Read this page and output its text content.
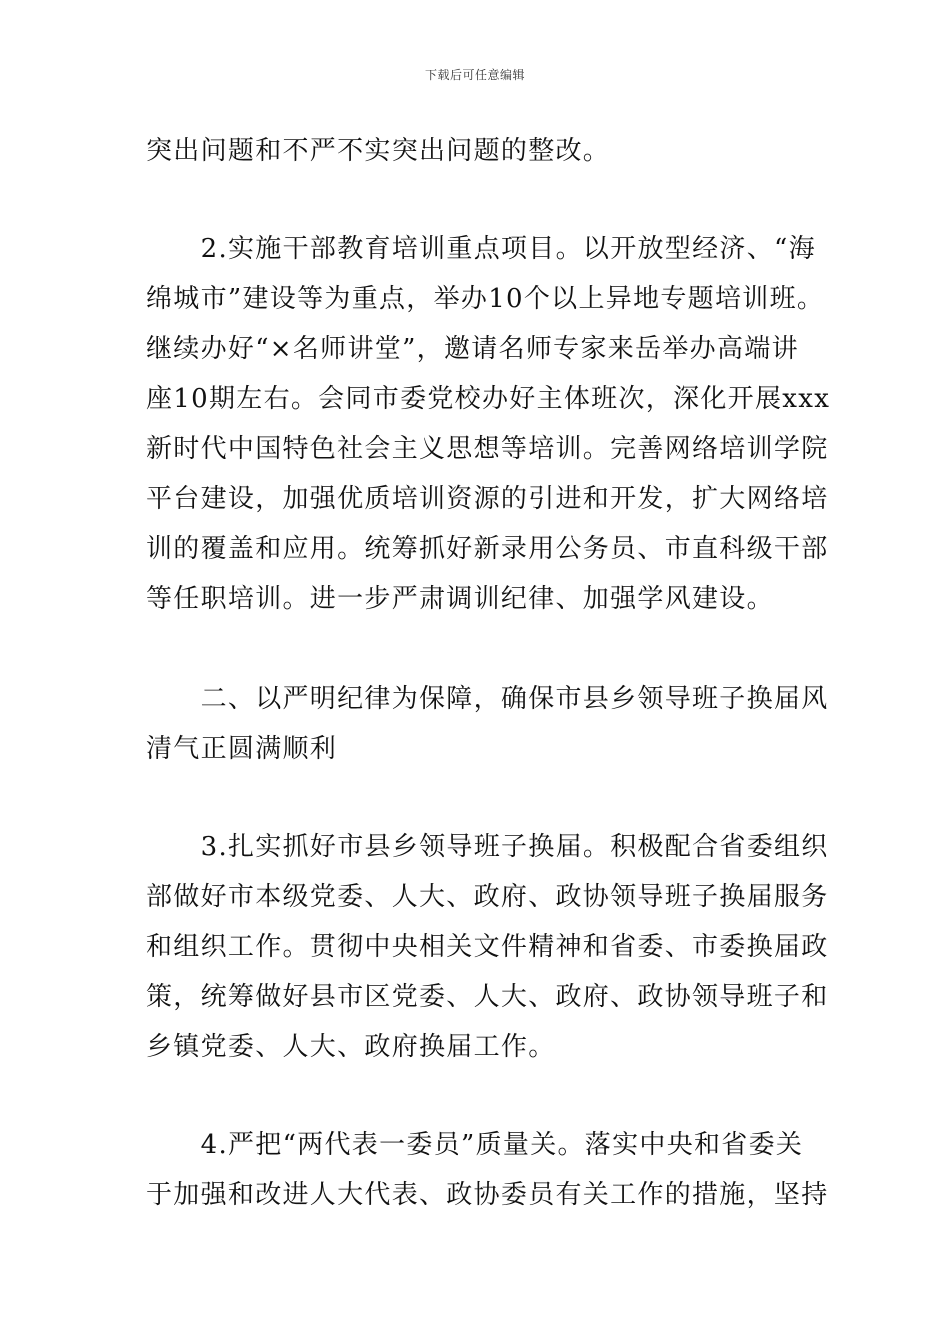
下载后可任意编辑
突出问题和不严不实突出问题的整改。
　　2.实施干部教育培训重点项目。以开放型经济、“海
绵城市”建设等为重点，举办10个以上异地专题培训班。
继续办好“×名师讲堂”，邀请名师专家来岳举办高端讲
座10期左右。会同市委党校办好主体班次，深化开展xxx
新时代中国特色社会主义思想等培训。完善网络培训学院
平台建设，加强优质培训资源的引进和开发，扩大网络培
训的覆盖和应用。统筹抓好新录用公务员、市直科级干部
等任职培训。进一步严肃调训纪律、加强学风建设。
　　二、以严明纪律为保障，确保市县乡领导班子换届风
清气正圆满顺利
　　3.扎实抓好市县乡领导班子换届。积极配合省委组织
部做好市本级党委、人大、政府、政协领导班子换届服务
和组织工作。贯彻中央相关文件精神和省委、市委换届政
策，统筹做好县市区党委、人大、政府、政协领导班子和
乡镇党委、人大、政府换届工作。
　　4.严把“两代表一委员”质量关。落实中央和省委关
于加强和改进人大代表、政协委员有关工作的措施，坚持
